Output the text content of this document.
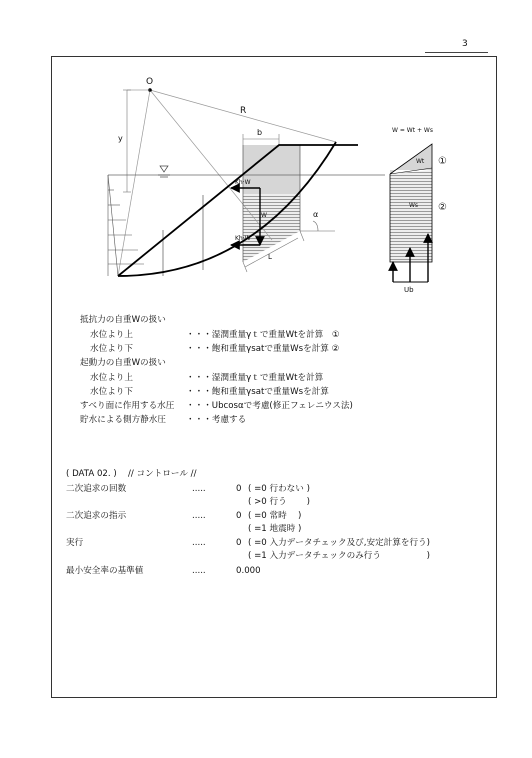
3
O
R
b
y
Kh·W
W
Kh·W
L
α
W = Wt + Ws
Wt
Ws
①
②
Ub
抵抗力の自重Wの扱い
水位より上	・・・湿潤重量γｔで重量Wtを計算　①
水位より下	・・・飽和重量γsatで重量Wsを計算 ②
起動力の自重Wの扱い
水位より上	・・・湿潤重量γｔで重量Wtを計算
水位より下	・・・飽和重量γsatで重量Wsを計算
すべり面に作用する水圧 ・・・Ubcosαで考慮(修正フェレニウス法)
貯水による側方静水圧 ・・・考慮する
( DATA 02. )　 // コントロール //
二次追求の回数	.....	0 ( =0 行わない )
( >0 行う　　 )
二次追求の指示	.....	0 ( =0 常時　 )
( =1 地震時 )
実行	.....	0 ( =0 入力データチェック及び,安定計算を行う)
( =1 入力データチェックのみ行う　　　　　 )
最小安全率の基準値	.....	0.000
